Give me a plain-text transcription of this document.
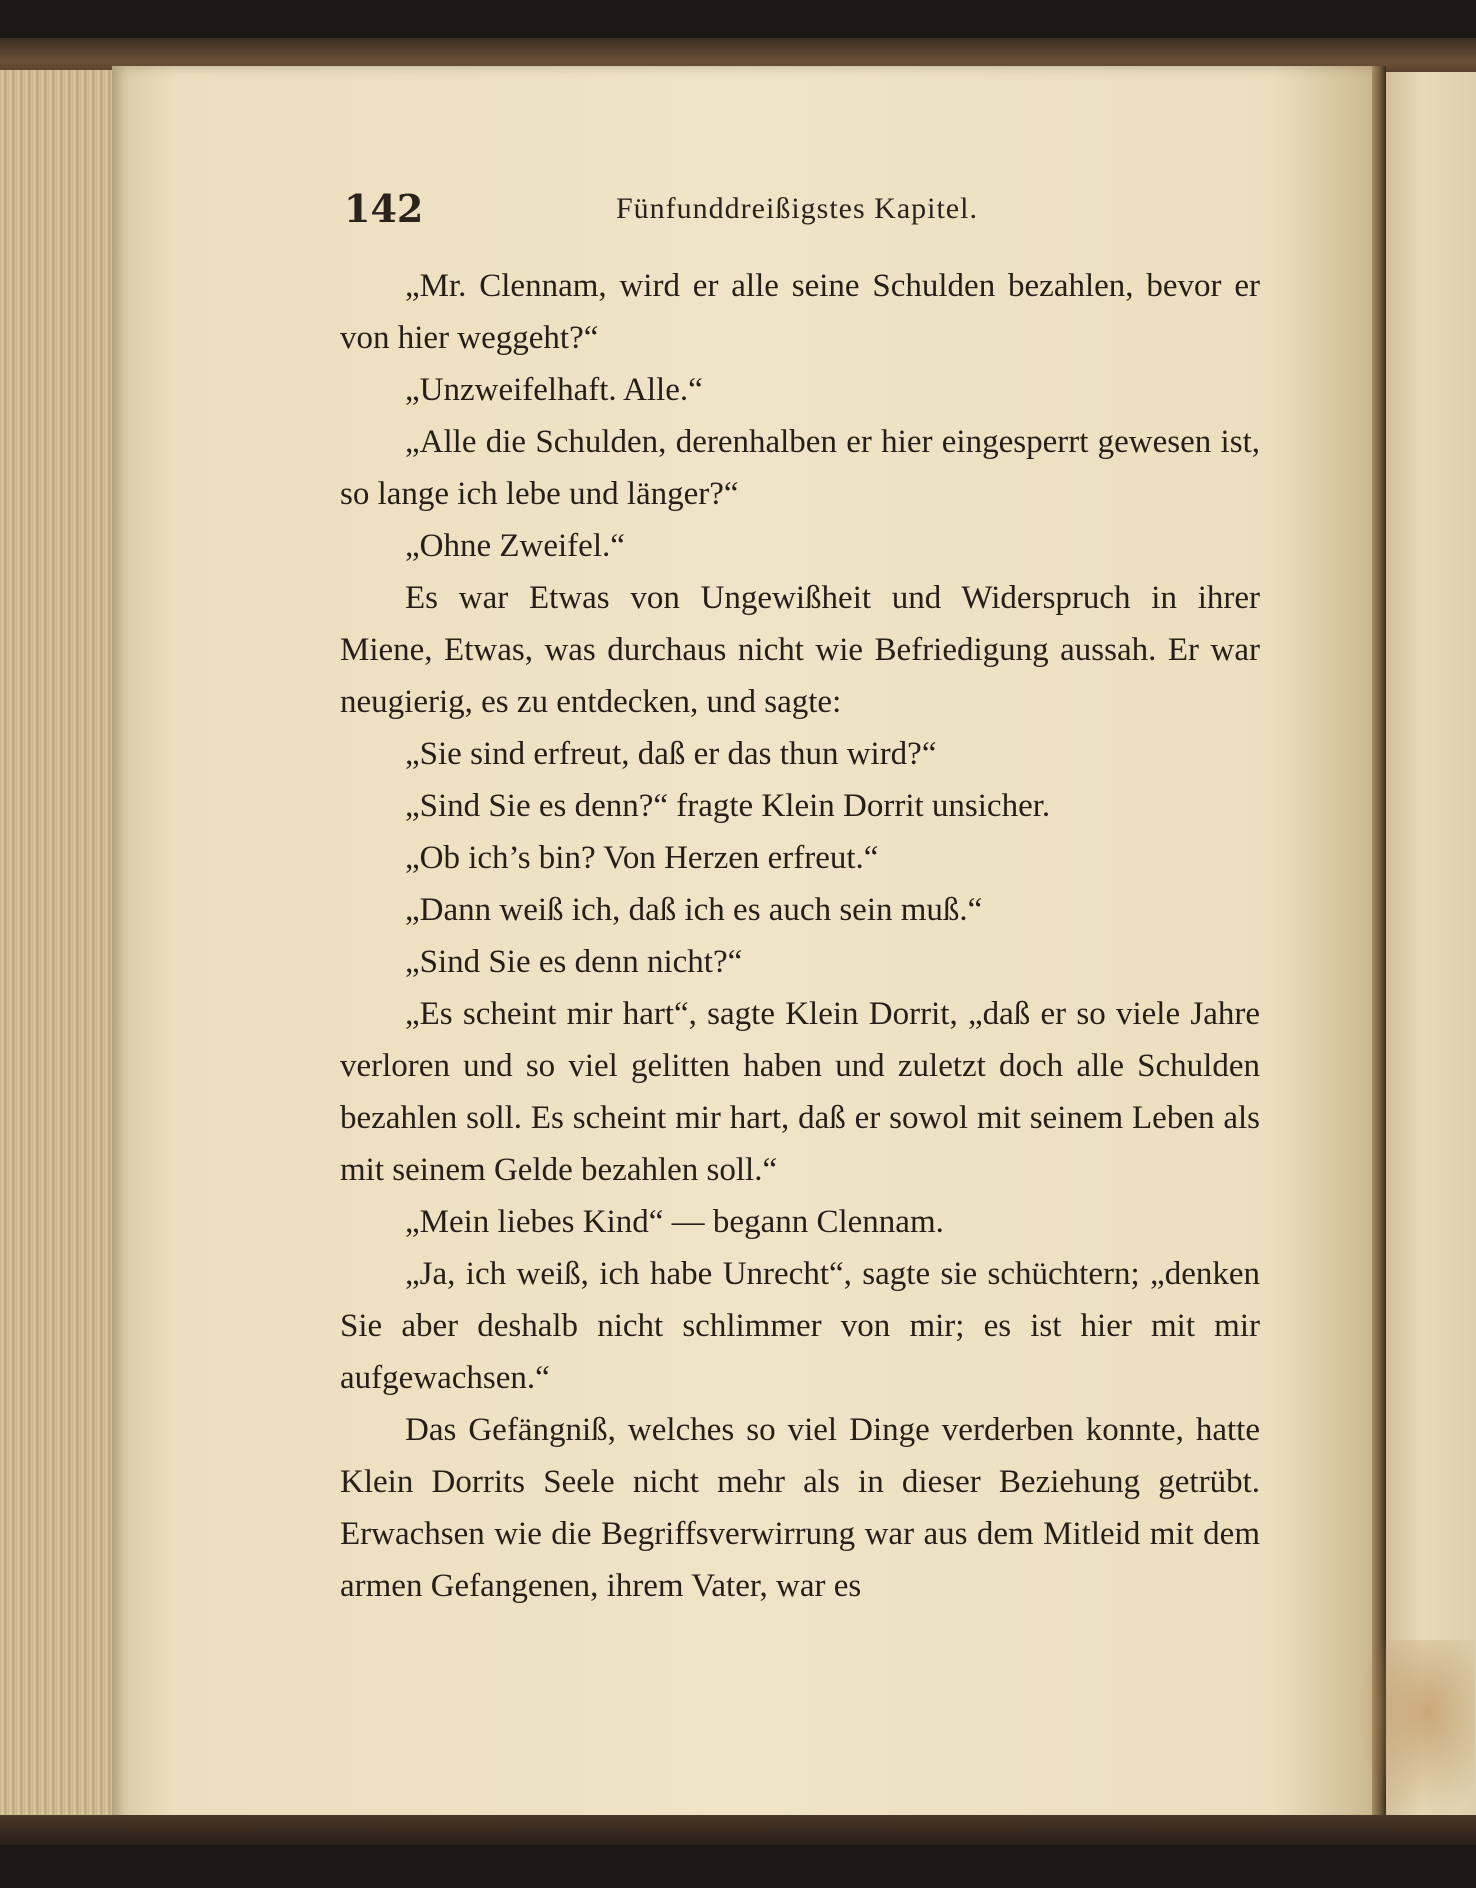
142	Fünfunddreißigstes Kapitel.

„Mr. Clennam, wird er alle seine Schulden bezahlen, bevor er von hier weggeht?“

„Unzweifelhaft. Alle.“

„Alle die Schulden, derenhalben er hier eingesperrt gewesen ist, so lange ich lebe und länger?“

„Ohne Zweifel.“

Es war Etwas von Ungewißheit und Widerspruch in ihrer Miene, Etwas, was durchaus nicht wie Befriedigung aussah. Er war neugierig, es zu entdecken, und sagte:

„Sie sind erfreut, daß er das thun wird?“

„Sind Sie es denn?“ fragte Klein Dorrit unsicher.

„Ob ich’s bin? Von Herzen erfreut.“

„Dann weiß ich, daß ich es auch sein muß.“

„Sind Sie es denn nicht?“

„Es scheint mir hart“, sagte Klein Dorrit, „daß er so viele Jahre verloren und so viel gelitten haben und zuletzt doch alle Schulden bezahlen soll. Es scheint mir hart, daß er sowol mit seinem Leben als mit seinem Gelde bezahlen soll.“

„Mein liebes Kind“ — begann Clennam.

„Ja, ich weiß, ich habe Unrecht“, sagte sie schüchtern; „denken Sie aber deshalb nicht schlimmer von mir; es ist hier mit mir aufgewachsen.“

Das Gefängniß, welches so viel Dinge verderben konnte, hatte Klein Dorrits Seele nicht mehr als in dieser Beziehung getrübt. Erwachsen wie die Begriffsverwirrung war aus dem Mitleid mit dem armen Gefangenen, ihrem Vater, war es
